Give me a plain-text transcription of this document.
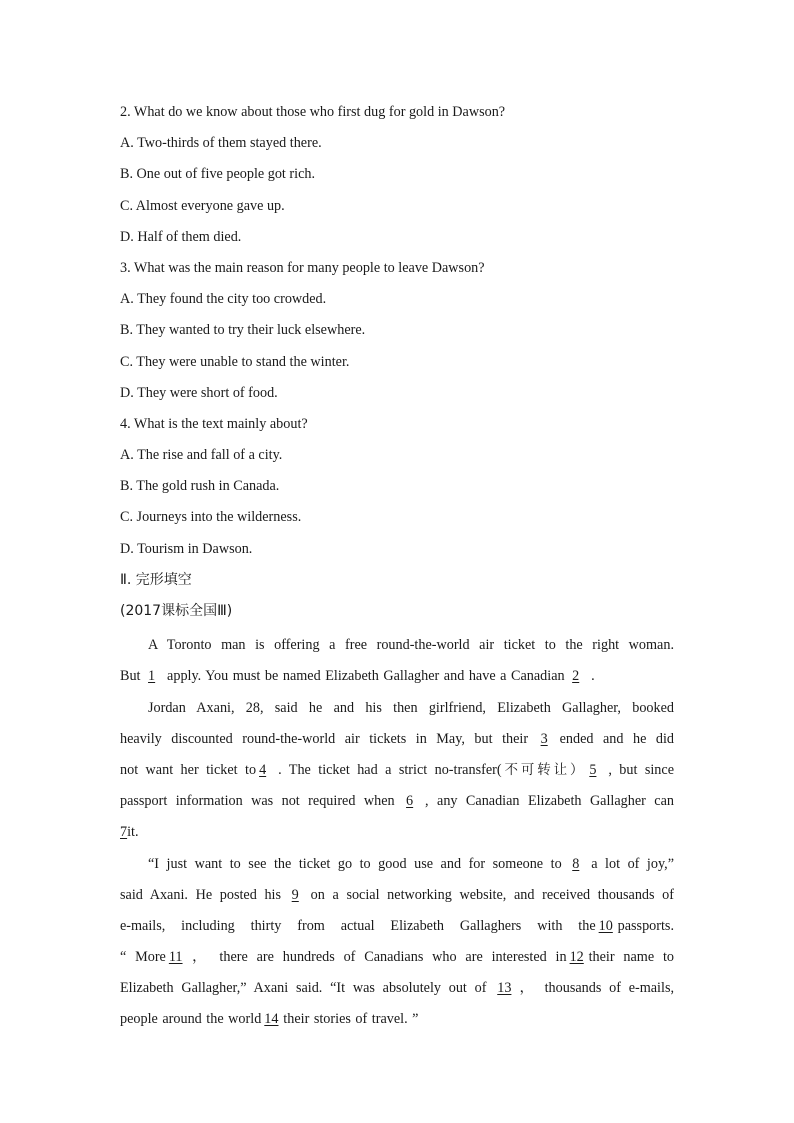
2. What do we know about those who first dug for gold in Dawson?
A. Two-thirds of them stayed there.
B. One out of five people got rich.
C. Almost everyone gave up.
D. Half of them died.
3. What was the main reason for many people to leave Dawson?
A. They found the city too crowded.
B. They wanted to try their luck elsewhere.
C. They were unable to stand the winter.
D. They were short of food.
4. What is the text mainly about?
A. The rise and fall of a city.
B. The gold rush in Canada.
C. Journeys into the wilderness.
D. Tourism in Dawson.
Ⅱ. 完形填空
(2017课标全国Ⅲ)
A Toronto man is offering a free round-the-world air ticket to the right woman.
But 1 apply. You must be named Elizabeth Gallagher and have a Canadian 2 .
Jordan Axani, 28, said he and his then girlfriend, Elizabeth Gallagher, booked
heavily discounted round-the-world air tickets in May, but their 3 ended and he did
not want her ticket to 4 . The ticket had a strict no-transfer(不可转让） 5 , but since
passport information was not required when 6 , any Canadian Elizabeth Gallagher can
7it.
“I just want to see the ticket go to good use and for someone to 8 a lot of joy,”
said Axani. He posted his 9 on a social networking website, and received thousands of
e-mails, including thirty from actual Elizabeth Gallaghers with the 10 passports.
“ More 11 ， there are hundreds of Canadians who are interested in 12 their name to
Elizabeth Gallagher,” Axani said. “It was absolutely out of 13 ， thousands of e-mails,
people around the world 14 their stories of travel. ”
